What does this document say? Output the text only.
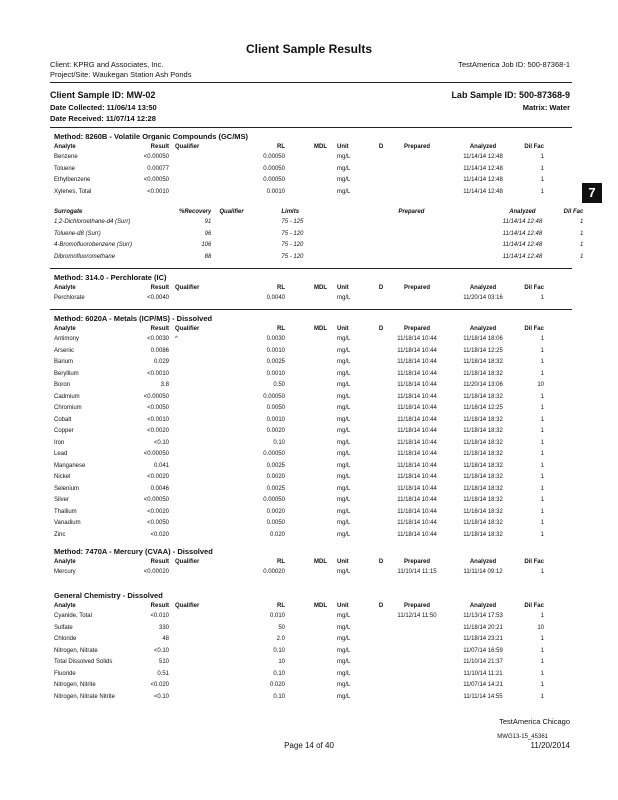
Client Sample Results
Client: KPRG and Associates, Inc.
Project/Site: Waukegan Station Ash Ponds
TestAmerica Job ID: 500-87368-1
Client Sample ID: MW-02	Lab Sample ID: 500-87368-9
Date Collected: 11/06/14 13:50	Matrix: Water
Date Received: 11/07/14 12:28
7
Method: 8260B - Volatile Organic Compounds (GC/MS)
Analyte	Result	Qualifier	RL	MDL	Unit	D	Prepared	Analyzed	Dil Fac
Benzene	<0.00050		0.00050		mg/L			11/14/14 12:48	1
Toluene	0.00077		0.00050		mg/L			11/14/14 12:48	1
Ethylbenzene	<0.00050		0.00050		mg/L			11/14/14 12:48	1
Xylenes, Total	<0.0010		0.0010		mg/L			11/14/14 12:48	1
Surrogate	%Recovery	Qualifier	Limits	Prepared	Analyzed	Dil Fac
1,2-Dichloroethane-d4 (Surr)	91		75 - 125		11/14/14 12:48	1
Toluene-d8 (Surr)	96		75 - 120		11/14/14 12:48	1
4-Bromofluorobenzene (Surr)	106		75 - 120		11/14/14 12:48	1
Dibromofluoromethane	88		75 - 120		11/14/14 12:48	1
Method: 314.0 - Perchlorate (IC)
Analyte	Result	Qualifier	RL	MDL	Unit	D	Prepared	Analyzed	Dil Fac
Perchlorate	<0.0040		0.0040		mg/L			11/20/14 03:16	1
Method: 6020A - Metals (ICP/MS) - Dissolved
Analyte	Result	Qualifier	RL	MDL	Unit	D	Prepared	Analyzed	Dil Fac
Antimony	<0.0030	^	0.0030		mg/L		11/18/14 10:44	11/18/14 18:06	1
Arsenic	0.0086		0.0010		mg/L		11/18/14 10:44	11/18/14 12:25	1
Barium	0.029		0.0025		mg/L		11/18/14 10:44	11/18/14 18:32	1
Beryllium	<0.0010		0.0010		mg/L		11/18/14 10:44	11/18/14 18:32	1
Boron	3.8		0.50		mg/L		11/18/14 10:44	11/20/14 13:06	10
Cadmium	<0.00050		0.00050		mg/L		11/18/14 10:44	11/18/14 18:32	1
Chromium	<0.0050		0.0050		mg/L		11/18/14 10:44	11/18/14 12:25	1
Cobalt	<0.0010		0.0010		mg/L		11/18/14 10:44	11/18/14 18:32	1
Copper	<0.0020		0.0020		mg/L		11/18/14 10:44	11/18/14 18:32	1
Iron	<0.10		0.10		mg/L		11/18/14 10:44	11/18/14 18:32	1
Lead	<0.00050		0.00050		mg/L		11/18/14 10:44	11/18/14 18:32	1
Manganese	0.041		0.0025		mg/L		11/18/14 10:44	11/18/14 18:32	1
Nickel	<0.0020		0.0020		mg/L		11/18/14 10:44	11/18/14 18:32	1
Selenium	0.0046		0.0025		mg/L		11/18/14 10:44	11/18/14 18:32	1
Silver	<0.00050		0.00050		mg/L		11/18/14 10:44	11/18/14 18:32	1
Thallium	<0.0020		0.0020		mg/L		11/18/14 10:44	11/18/14 18:32	1
Vanadium	<0.0050		0.0050		mg/L		11/18/14 10:44	11/18/14 18:32	1
Zinc	<0.020		0.020		mg/L		11/18/14 10:44	11/18/14 18:32	1
Method: 7470A - Mercury (CVAA) - Dissolved
Analyte	Result	Qualifier	RL	MDL	Unit	D	Prepared	Analyzed	Dil Fac
Mercury	<0.00020		0.00020		mg/L		11/10/14 11:15	11/11/14 09:12	1
General Chemistry - Dissolved
Analyte	Result	Qualifier	RL	MDL	Unit	D	Prepared	Analyzed	Dil Fac
Cyanide, Total	<0.010		0.010		mg/L		11/12/14 11:50	11/13/14 17:53	1
Sulfate	330		50		mg/L			11/18/14 20:21	10
Chloride	48		2.0		mg/L			11/18/14 23:21	1
Nitrogen, Nitrate	<0.10		0.10		mg/L			11/07/14 16:59	1
Total Dissolved Solids	510		10		mg/L			11/10/14 21:37	1
Fluoride	0.51		0.10		mg/L			11/10/14 11:21	1
Nitrogen, Nitrite	<0.020		0.020		mg/L			11/07/14 14:21	1
Nitrogen, Nitrate Nitrite	<0.10		0.10		mg/L			11/11/14 14:55	1
TestAmerica Chicago
MWG13-15_45361
Page 14 of 40	11/20/2014
